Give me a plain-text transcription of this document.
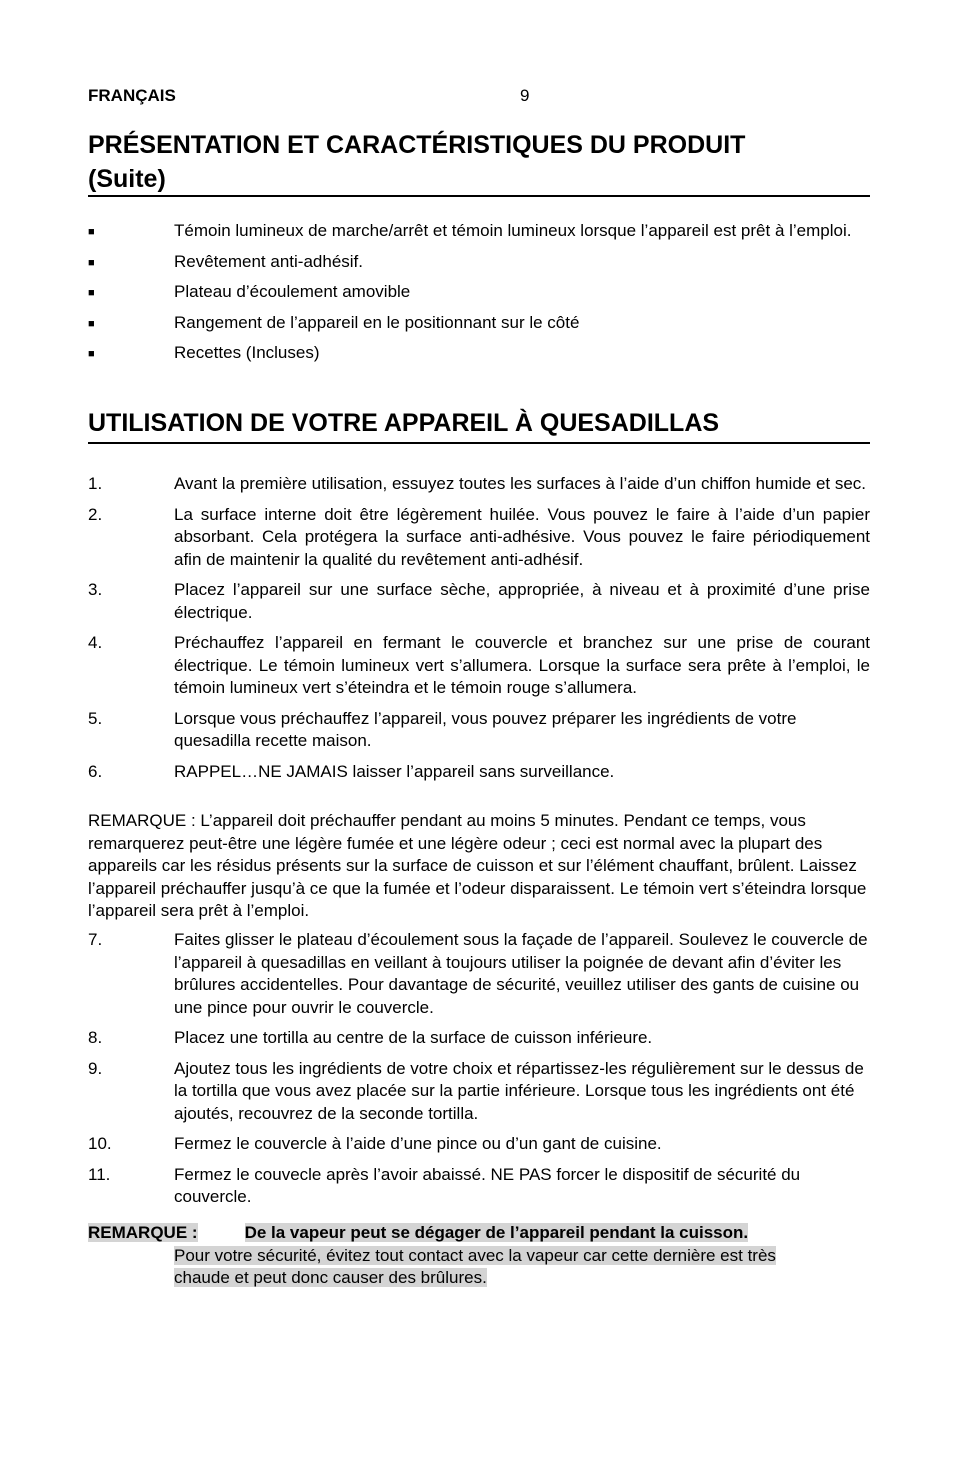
FRANÇAIS	9
PRÉSENTATION ET CARACTÉRISTIQUES DU PRODUIT
(Suite)
■	Témoin lumineux de marche/arrêt et témoin lumineux lorsque l’appareil est prêt à l’emploi.
■	Revêtement anti-adhésif.
■	Plateau d’écoulement amovible
■	Rangement de l’appareil en le positionnant sur le côté
■	Recettes (Incluses)
UTILISATION DE VOTRE APPAREIL À QUESADILLAS
1.	Avant la première utilisation, essuyez toutes les surfaces à l’aide d’un chiffon humide et sec.
2.	La surface interne doit être légèrement huilée. Vous pouvez le faire à l’aide d’un papier absorbant. Cela protégera la surface anti-adhésive. Vous pouvez le faire périodiquement afin de maintenir la qualité du revêtement anti-adhésif.
3.	Placez l’appareil sur une surface sèche, appropriée, à niveau et à proximité d’une prise électrique.
4.	Préchauffez l’appareil en fermant le couvercle et branchez sur une prise de courant électrique. Le témoin lumineux vert s’allumera. Lorsque la surface sera prête à l’emploi, le témoin lumineux vert s’éteindra et le témoin rouge s’allumera.
5.	Lorsque vous préchauffez l’appareil, vous pouvez préparer les ingrédients de votre quesadilla recette maison.
6.	RAPPEL…NE JAMAIS laisser l’appareil sans surveillance.
REMARQUE : L’appareil doit préchauffer pendant au moins 5 minutes. Pendant ce temps, vous remarquerez peut-être une légère fumée et une légère odeur ; ceci est normal avec la plupart des appareils car les résidus présents sur la surface de cuisson et sur l’élément chauffant, brûlent. Laissez l’appareil préchauffer jusqu’à ce que la fumée et l’odeur disparaissent. Le témoin vert s’éteindra lorsque l’appareil sera prêt à l’emploi.
7.	Faites glisser le plateau d’écoulement sous la façade de l’appareil. Soulevez le couvercle de l’appareil à quesadillas en veillant à toujours utiliser la poignée de devant afin d’éviter les brûlures accidentelles. Pour davantage de sécurité, veuillez utiliser des gants de cuisine ou une pince pour ouvrir le couvercle.
8.	Placez une tortilla au centre de la surface de cuisson inférieure.
9.	Ajoutez tous les ingrédients de votre choix et répartissez-les régulièrement sur le dessus de la tortilla que vous avez placée sur la partie inférieure. Lorsque tous les ingrédients ont été ajoutés, recouvrez de la seconde tortilla.
10.	Fermez le couvercle à l’aide d’une pince ou d’un gant de cuisine.
11.	Fermez le couvecle après l’avoir abaissé. NE PAS forcer le dispositif de sécurité du couvercle.
REMARQUE :	De la vapeur peut se dégager de l’appareil pendant la cuisson.
Pour votre sécurité, évitez tout contact avec la vapeur car cette dernière est très
chaude et peut donc causer des brûlures.
